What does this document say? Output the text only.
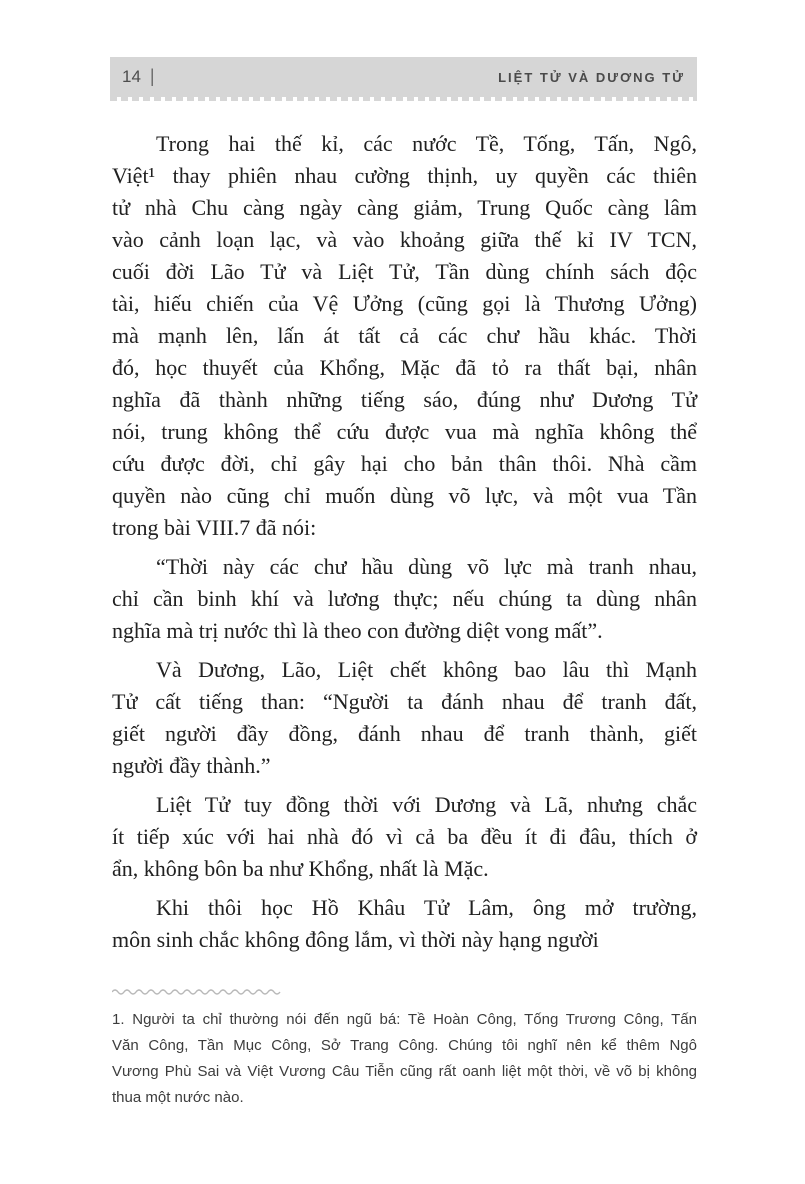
14 |	LIỆT TỬ VÀ DƯƠNG TỬ
Trong hai thế kỉ, các nước Tề, Tống, Tấn, Ngô,
Việt¹ thay phiên nhau cường thịnh, uy quyền các thiên
tử nhà Chu càng ngày càng giảm, Trung Quốc càng lâm
vào cảnh loạn lạc, và vào khoảng giữa thế kỉ IV TCN,
cuối đời Lão Tử và Liệt Tử, Tần dùng chính sách độc
tài, hiếu chiến của Vệ Ưởng (cũng gọi là Thương Ưởng)
mà mạnh lên, lấn át tất cả các chư hầu khác. Thời
đó, học thuyết của Khổng, Mặc đã tỏ ra thất bại, nhân
nghĩa đã thành những tiếng sáo, đúng như Dương Tử
nói, trung không thể cứu được vua mà nghĩa không thể
cứu được đời, chỉ gây hại cho bản thân thôi. Nhà cầm
quyền nào cũng chỉ muốn dùng võ lực, và một vua Tần
trong bài VIII.7 đã nói:
“Thời này các chư hầu dùng võ lực mà tranh nhau,
chỉ cần binh khí và lương thực; nếu chúng ta dùng nhân
nghĩa mà trị nước thì là theo con đường diệt vong mất”.
Và Dương, Lão, Liệt chết không bao lâu thì Mạnh
Tử cất tiếng than: “Người ta đánh nhau để tranh đất,
giết người đầy đồng, đánh nhau để tranh thành, giết
người đầy thành.”
Liệt Tử tuy đồng thời với Dương và Lã, nhưng chắc
ít tiếp xúc với hai nhà đó vì cả ba đều ít đi đâu, thích ở
ẩn, không bôn ba như Khổng, nhất là Mặc.
Khi thôi học Hồ Khâu Tử Lâm, ông mở trường,
môn sinh chắc không đông lắm, vì thời này hạng người
1. Người ta chỉ thường nói đến ngũ bá: Tề Hoàn Công, Tống Trương Công, Tấn
Văn Công, Tần Mục Công, Sở Trang Công. Chúng tôi nghĩ nên kể thêm Ngô
Vương Phù Sai và Việt Vương Câu Tiễn cũng rất oanh liệt một thời, về võ bị không
thua một nước nào.
